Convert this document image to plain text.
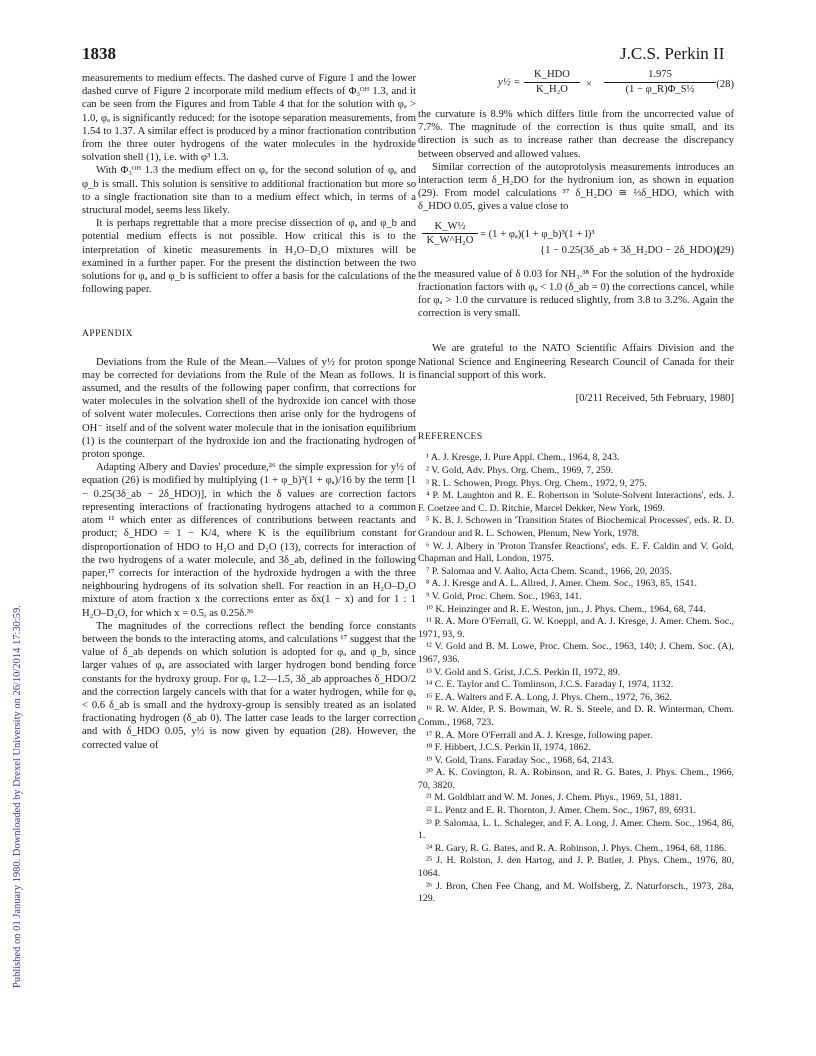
1838	J.C.S. Perkin II
Published on 01 January 1980. Downloaded by Drexel University on 26/10/2014 17:30:59.

measurements to medium effects. The dashed curve of Figure 1 and the lower dashed curve of Figure 2 incorporate mild medium effects of Φ₃ᴼᴴ 1.3, and it can be seen from the Figures and from Table 4 that for the solution with φₐ > 1.0, φₐ is significantly reduced: for the isotope separation measurements, from 1.54 to 1.37. A similar effect is produced by a minor fractionation contribution from the three outer hydrogens of the water molecules in the hydroxide solvation shell (1), i.e. with φ³ 1.3.

With Φ₃ᴼᴴ 1.3 the medium effect on φₐ for the second solution of φₐ and φ_b is small. This solution is sensitive to additional fractionation but more so to a single fractionation site than to a medium effect which, in terms of a structural model, seems less likely.

It is perhaps regrettable that a more precise dissection of φₐ and φ_b and potential medium effects is not possible. How critical this is to the interpretation of kinetic measurements in H₂O–D₂O mixtures will be examined in a further paper. For the present the distinction between the two solutions for φₐ and φ_b is sufficient to offer a basis for the calculations of the following paper.

APPENDIX

Deviations from the Rule of the Mean.—Values of y½ for proton sponge may be corrected for deviations from the Rule of the Mean as follows. It is assumed, and the results of the following paper confirm, that corrections for water molecules in the solvation shell of the hydroxide ion cancel with those of solvent water molecules. Corrections then arise only for the hydrogens of OH⁻ itself and of the solvent water molecule that in the ionisation equilibrium (1) is the counterpart of the hydroxide ion and the fractionating hydrogen of proton sponge.

Adapting Albery and Davies' procedure,²⁶ the simple expression for y½ of equation (26) is modified by multiplying (1 + φ_b)³(1 + φₐ)/16 by the term [1 − 0.25(3δ_ab − 2δ_HDO)], in which the δ values are correction factors representing interactions of fractionating hydrogens attached to a common atom ¹¹ which enter as differences of contributions between reactants and product; δ_HDO = 1 − K/4, where K is the equilibrium constant for disproportionation of HDO to H₂O and D₂O (13), corrects for interaction of the two hydrogens of a water molecule, and 3δ_ab, defined in the following paper,¹⁷ corrects for interaction of the hydroxide hydrogen a with the three neighbouring hydrogens of its solvation shell. For reaction in an H₂O–D₂O mixture of atom fraction x the corrections enter as δx(1 − x) and for 1 : 1 H₂O–D₂O, for which x = 0.5, as 0.25δ.³⁶

The magnitudes of the corrections reflect the bending force constants between the bonds to the interacting atoms, and calculations ¹⁷ suggest that the value of δ_ab depends on which solution is adopted for φₐ and φ_b, since larger values of φₐ are associated with larger hydrogen bond bending force constants for the hydroxy group. For φₐ 1.2—1.5, 3δ_ab approaches δ_HDO/2 and the correction largely cancels with that for a water hydrogen, while for φₐ < 0.6 δ_ab is small and the hydroxy-group is sensibly treated as an isolated fractionating hydrogen (δ_ab 0). The latter case leads to the larger correction and with δ_HDO 0.05, y½ is now given by equation (28). However, the corrected value of

y½ =
K_HDO
K_H₂O	× $\frac{1.975}{\text{(1 − φ\_R)Φ\_S½}} (28)$

the curvature is 8.9% which differs little from the uncorrected value of 7.7%. The magnitude of the correction is thus quite small, and its direction is such as to increase rather than decrease the discrepancy between observed and allowed values.

Similar correction of the autoprotolysis measurements introduces an interaction term δ_H₂DO for the hydronium ion, as shown in equation (29). From model calculations ³⁷ δ_H₂DO ≅ ⅔δ_HDO, which with δ_HDO 0.05, gives a value close to

$\frac{\text{K\_W½}}{\text{K\_W\textasciicircum{}H₂O}} = (1 + \varphi_a)(1$ + φ_b)³(1 + l)³
{1 − 0.25(3δ_ab + 3δ_H₂DO − 2δ_HDO)}
(29)

the measured value of δ 0.03 for NH₃.³⁸ For the solution of the hydroxide fractionation factors with φₐ < 1.0 (δ_ab = 0) the corrections cancel, while for φₐ > 1.0 the curvature is reduced slightly, from 3.8 to 3.2%. Again the correction is very small.

We are grateful to the NATO Scientific Affairs Division and the National Science and Engineering Research Council of Canada for their financial support of this work.

[0/211 Received, 5th February, 1980]
REFERENCES

¹ A. J. Kresge, J. Pure Appl. Chem., 1964, 8, 243.

² V. Gold, Adv. Phys. Org. Chem., 1969, 7, 259.

³ R. L. Schowen, Progr. Phys. Org. Chem., 1972, 9, 275.

⁴ P. M. Laughton and R. E. Robertson in 'Solute-Solvent Interactions', eds. J. F. Coetzee and C. D. Ritchie, Marcel Dekker, New York, 1969.

⁵ K. B. J. Schowen in 'Transition States of Biochemical Processes', eds. R. D. Grandour and R. L. Schowen, Plenum, New York, 1978.

⁶ W. J. Albery in 'Proton Transfer Reactions', eds. E. F. Caldin and V. Gold, Chapman and Hall, London, 1975.

⁷ P. Salomaa and V. Aalto, Acta Chem. Scand., 1966, 20, 2035.

⁸ A. J. Kresge and A. L. Allred, J. Amer. Chem. Soc., 1963, 85, 1541.

⁹ V. Gold, Proc. Chem. Soc., 1963, 141.

¹⁰ K. Heinzinger and R. E. Weston, jun., J. Phys. Chem., 1964, 68, 744.

¹¹ R. A. More O'Ferrall, G. W. Koeppl, and A. J. Kresge, J. Amer. Chem. Soc., 1971, 93, 9.

¹² V. Gold and B. M. Lowe, Proc. Chem. Soc., 1963, 140; J. Chem. Soc. (A), 1967, 936.

¹³ V. Gold and S. Grist, J.C.S. Perkin II, 1972, 89.

¹⁴ C. E. Taylor and C. Tomlinson, J.C.S. Faraday I, 1974, 1132.

¹⁵ E. A. Walters and F. A. Long, J. Phys. Chem., 1972, 76, 362.

¹⁶ R. W. Alder, P. S. Bowman, W. R. S. Steele, and D. R. Winterman, Chem. Comm., 1968, 723.

¹⁷ R. A. More O'Ferrall and A. J. Kresge, following paper.

¹⁸ F. Hibbert, J.C.S. Perkin II, 1974, 1862.

¹⁹ V. Gold, Trans. Faraday Soc., 1968, 64, 2143.

²⁰ A. K. Covington, R. A. Robinson, and R. G. Bates, J. Phys. Chem., 1966, 70, 3820.

²¹ M. Goldblatt and W. M. Jones, J. Chem. Phys., 1969, 51, 1881.

²² L. Pentz and E. R. Thornton, J. Amer. Chem. Soc., 1967, 89, 6931.

²³ P. Salomaa, L. L. Schaleger, and F. A. Long, J. Amer. Chem. Soc., 1964, 86, 1.

²⁴ R. Gary, R. G. Bates, and R. A. Robinson, J. Phys. Chem., 1964, 68, 1186.

²⁵ J. H. Rolston, J. den Hartog, and J. P. Butler, J. Phys. Chem., 1976, 80, 1064.

²⁶ J. Bron, Chen Fee Chang, and M. Wolfsberg, Z. Naturforsch., 1973, 28a, 129.
